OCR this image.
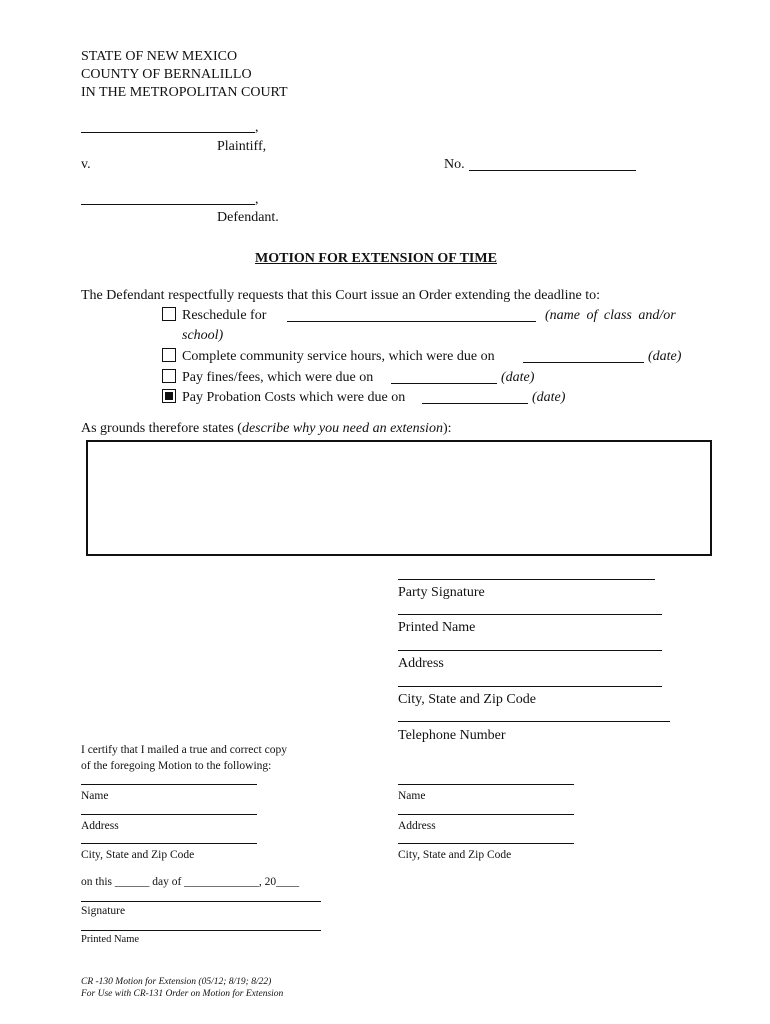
STATE OF NEW MEXICO
COUNTY OF BERNALILLO
IN THE METROPOLITAN COURT
,
Plaintiff,
v.	No.
,
Defendant.
MOTION FOR EXTENSION OF TIME
The Defendant respectfully requests that this Court issue an Order extending the deadline to:
Reschedule for	(name of class and/or
school)
Complete community service hours, which were due on	(date)
Pay fines/fees, which were due on	(date)
Pay Probation Costs which were due on	(date)
As grounds therefore states (describe why you need an extension):
Party Signature
Printed Name
Address
City, State and Zip Code
Telephone Number
I certify that I mailed a true and correct copy
of the foregoing Motion to the following:
Name
Address
City, State and Zip Code
Name
Address
City, State and Zip Code
on this ______ day of _____________, 20____
Signature
Printed Name
CR -130 Motion for Extension (05/12; 8/19; 8/22)
For Use with CR-131 Order on Motion for Extension
